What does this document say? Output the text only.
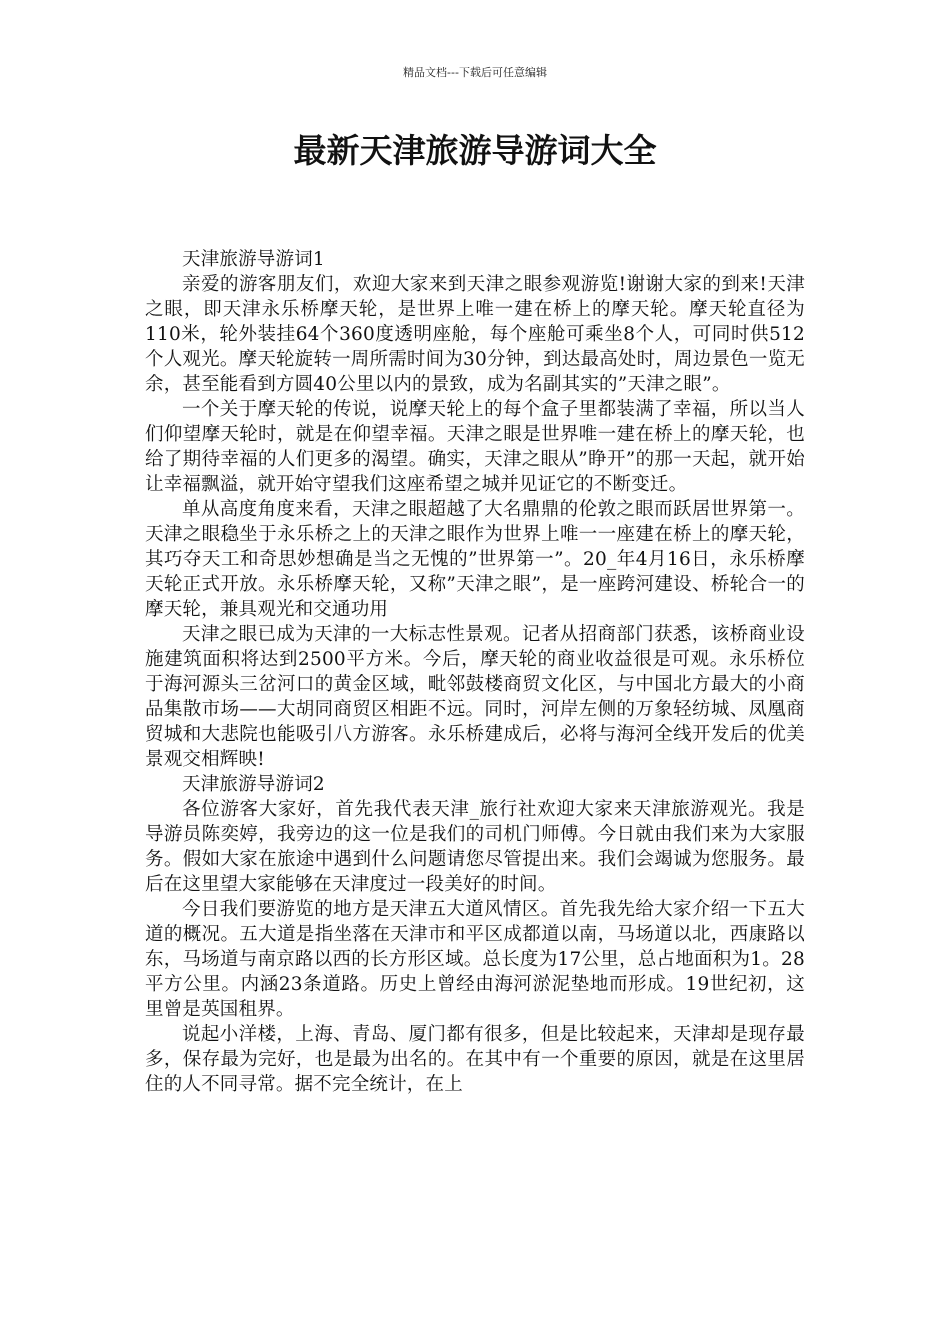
精品文档---下载后可任意编辑
最新天津旅游导游词大全

天津旅游导游词1

亲爱的游客朋友们，欢迎大家来到天津之眼参观游览!谢谢大家的到来!天津之眼，即天津永乐桥摩天轮，是世界上唯一建在桥上的摩天轮。摩天轮直径为110米，轮外装挂64个360度透明座舱，每个座舱可乘坐8个人，可同时供512个人观光。摩天轮旋转一周所需时间为30分钟，到达最高处时，周边景色一览无余，甚至能看到方圆40公里以内的景致，成为名副其实的”天津之眼”。

一个关于摩天轮的传说，说摩天轮上的每个盒子里都装满了幸福，所以当人们仰望摩天轮时，就是在仰望幸福。天津之眼是世界唯一建在桥上的摩天轮，也给了期待幸福的人们更多的渴望。确实，天津之眼从”睁开”的那一天起，就开始让幸福飘溢，就开始守望我们这座希望之城并见证它的不断变迁。

单从高度角度来看，天津之眼超越了大名鼎鼎的伦敦之眼而跃居世界第一。天津之眼稳坐于永乐桥之上的天津之眼作为世界上唯一一座建在桥上的摩天轮，其巧夺天工和奇思妙想确是当之无愧的”世界第一”。20_年4月16日，永乐桥摩天轮正式开放。永乐桥摩天轮，又称”天津之眼”，是一座跨河建设、桥轮合一的摩天轮，兼具观光和交通功用

天津之眼已成为天津的一大标志性景观。记者从招商部门获悉，该桥商业设施建筑面积将达到2500平方米。今后，摩天轮的商业收益很是可观。永乐桥位于海河源头三岔河口的黄金区域，毗邻鼓楼商贸文化区，与中国北方最大的小商品集散市场——大胡同商贸区相距不远。同时，河岸左侧的万象轻纺城、凤凰商贸城和大悲院也能吸引八方游客。永乐桥建成后，必将与海河全线开发后的优美景观交相辉映!

天津旅游导游词2

各位游客大家好，首先我代表天津_旅行社欢迎大家来天津旅游观光。我是导游员陈奕婷，我旁边的这一位是我们的司机门师傅。今日就由我们来为大家服务。假如大家在旅途中遇到什么问题请您尽管提出来。我们会竭诚为您服务。最后在这里望大家能够在天津度过一段美好的时间。

今日我们要游览的地方是天津五大道风情区。首先我先给大家介绍一下五大道的概况。五大道是指坐落在天津市和平区成都道以南，马场道以北，西康路以东，马场道与南京路以西的长方形区域。总长度为17公里，总占地面积为1。28平方公里。内涵23条道路。历史上曾经由海河淤泥垫地而形成。19世纪初，这里曾是英国租界。

说起小洋楼，上海、青岛、厦门都有很多，但是比较起来，天津却是现存最多，保存最为完好，也是最为出名的。在其中有一个重要的原因，就是在这里居住的人不同寻常。据不完全统计，在上
